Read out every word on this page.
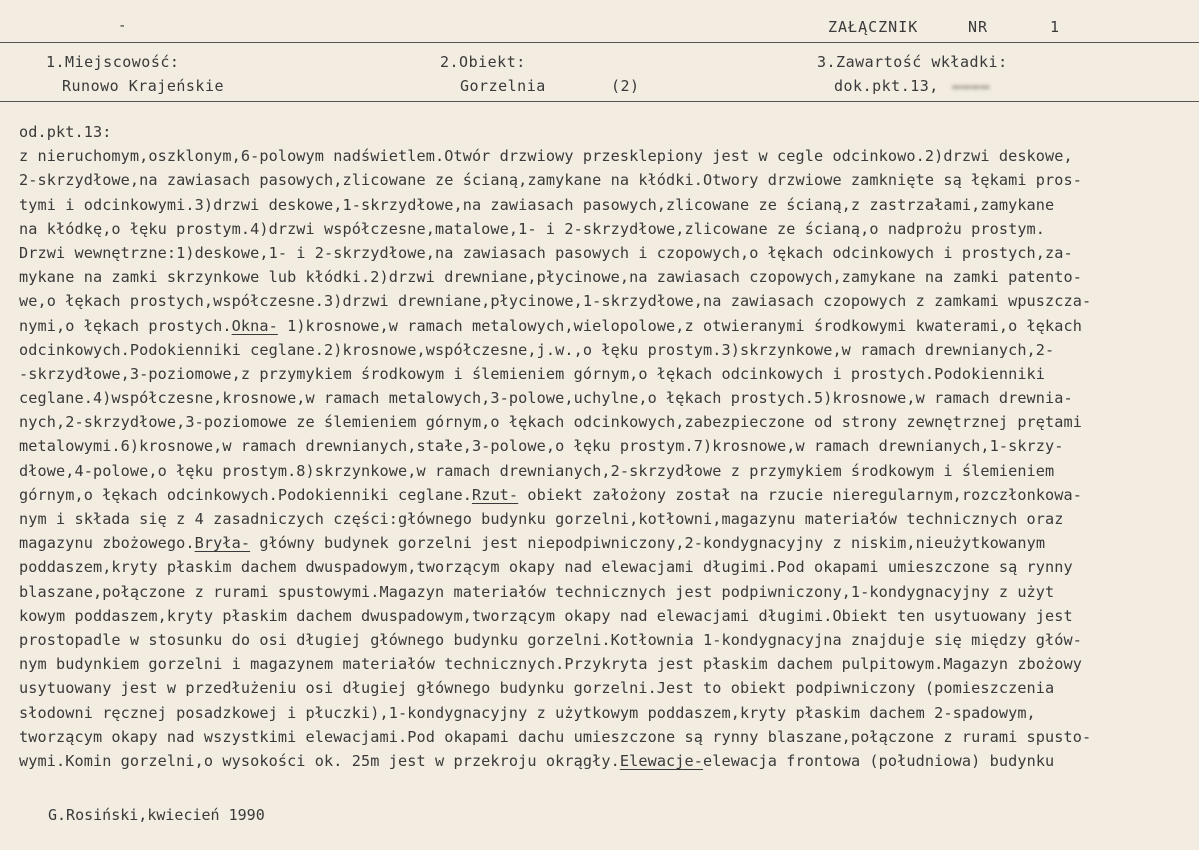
-	ZAŁĄCZNIK	NR	1
1.Miejscowość:
Runowo Krajeńskie
2.Obiekt:
Gorzelnia	(2)
3.Zawartość wkładki:
dok.pkt.13, ▬▬▬▬
od.pkt.13:
z nieruchomym,oszklonym,6-polowym nadświetlem.Otwór drzwiowy przesklepiony jest w cegle odcinkowo.2)drzwi deskowe,
2-skrzydłowe,na zawiasach pasowych,zlicowane ze ścianą,zamykane na kłódki.Otwory drzwiowe zamknięte są łękami pros-
tymi i odcinkowymi.3)drzwi deskowe,1-skrzydłowe,na zawiasach pasowych,zlicowane ze ścianą,z zastrzałami,zamykane
na kłódkę,o łęku prostym.4)drzwi współczesne,matalowe,1- i 2-skrzydłowe,zlicowane ze ścianą,o nadprożu prostym.
Drzwi wewnętrzne:1)deskowe,1- i 2-skrzydłowe,na zawiasach pasowych i czopowych,o łękach odcinkowych i prostych,za-
mykane na zamki skrzynkowe lub kłódki.2)drzwi drewniane,płycinowe,na zawiasach czopowych,zamykane na zamki patento-
we,o łękach prostych,współczesne.3)drzwi drewniane,płycinowe,1-skrzydłowe,na zawiasach czopowych z zamkami wpuszcza-
nymi,o łękach prostych.Okna- 1)krosnowe,w ramach metalowych,wielopolowe,z otwieranymi środkowymi kwaterami,o łękach
odcinkowych.Podokienniki ceglane.2)krosnowe,współczesne,j.w.,o łęku prostym.3)skrzynkowe,w ramach drewnianych,2-
-skrzydłowe,3-poziomowe,z przymykiem środkowym i ślemieniem górnym,o łękach odcinkowych i prostych.Podokienniki
ceglane.4)współczesne,krosnowe,w ramach metalowych,3-polowe,uchylne,o łękach prostych.5)krosnowe,w ramach drewnia-
nych,2-skrzydłowe,3-poziomowe ze ślemieniem górnym,o łękach odcinkowych,zabezpieczone od strony zewnętrznej prętami
metalowymi.6)krosnowe,w ramach drewnianych,stałe,3-polowe,o łęku prostym.7)krosnowe,w ramach drewnianych,1-skrzy-
dłowe,4-polowe,o łęku prostym.8)skrzynkowe,w ramach drewnianych,2-skrzydłowe z przymykiem środkowym i ślemieniem
górnym,o łękach odcinkowych.Podokienniki ceglane.Rzut- obiekt założony został na rzucie nieregularnym,rozczłonkowa-
nym i składa się z 4 zasadniczych części:głównego budynku gorzelni,kotłowni,magazynu materiałów technicznych oraz
magazynu zbożowego.Bryła- główny budynek gorzelni jest niepodpiwniczony,2-kondygnacyjny z niskim,nieużytkowanym
poddaszem,kryty płaskim dachem dwuspadowym,tworzącym okapy nad elewacjami długimi.Pod okapami umieszczone są rynny
blaszane,połączone z rurami spustowymi.Magazyn materiałów technicznych jest podpiwniczony,1-kondygnacyjny z użyt
kowym poddaszem,kryty płaskim dachem dwuspadowym,tworzącym okapy nad elewacjami długimi.Obiekt ten usytuowany jest
prostopadle w stosunku do osi długiej głównego budynku gorzelni.Kotłownia 1-kondygnacyjna znajduje się między głów-
nym budynkiem gorzelni i magazynem materiałów technicznych.Przykryta jest płaskim dachem pulpitowym.Magazyn zbożowy
usytuowany jest w przedłużeniu osi długiej głównego budynku gorzelni.Jest to obiekt podpiwniczony (pomieszczenia
słodowni ręcznej posadzkowej i płuczki),1-kondygnacyjny z użytkowym poddaszem,kryty płaskim dachem 2-spadowym,
tworzącym okapy nad wszystkimi elewacjami.Pod okapami dachu umieszczone są rynny blaszane,połączone z rurami spusto-
wymi.Komin gorzelni,o wysokości ok. 25m jest w przekroju okrągły.Elewacje-elewacja frontowa (południowa) budynku
G.Rosiński,kwiecień 1990
